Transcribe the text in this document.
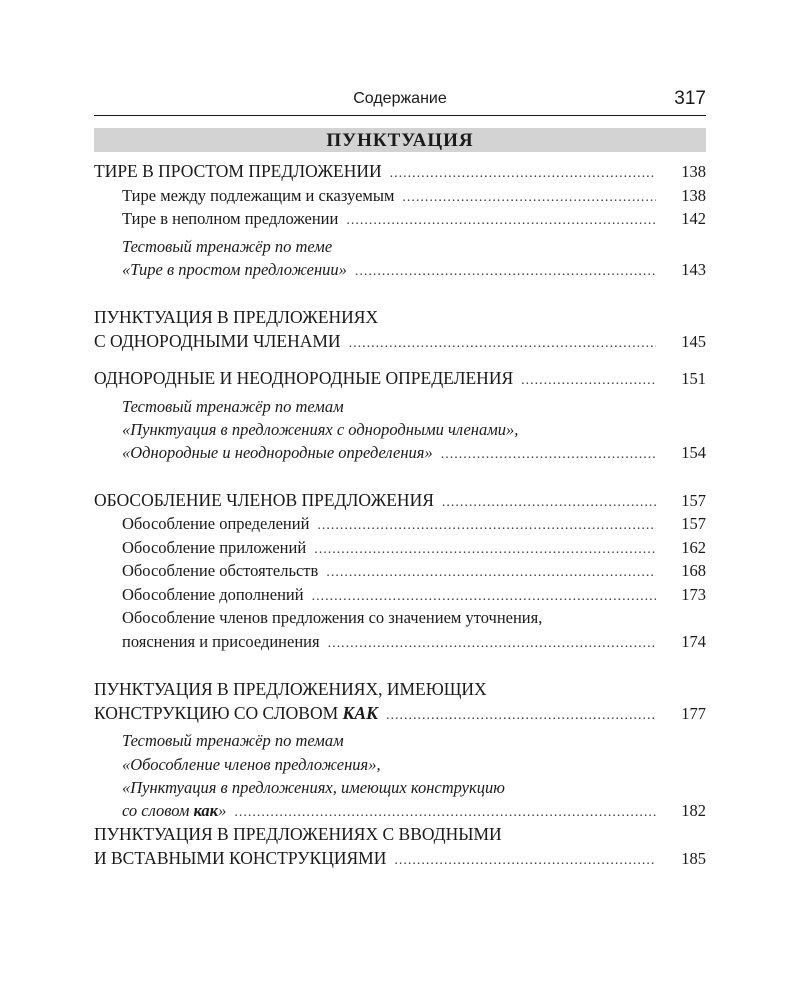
Содержание	317
ПУНКТУАЦИЯ
ТИРЕ В ПРОСТОМ ПРЕДЛОЖЕНИИ .....	138
Тире между подлежащим и сказуемым .....	138
Тире в неполном предложении .....	142
Тестовый тренажёр по теме
«Тире в простом предложении» .....	143
ПУНКТУАЦИЯ В ПРЕДЛОЖЕНИЯХ
С ОДНОРОДНЫМИ ЧЛЕНАМИ .....	145
ОДНОРОДНЫЕ И НЕОДНОРОДНЫЕ ОПРЕДЕЛЕНИЯ .....	151
Тестовый тренажёр по темам
«Пунктуация в предложениях с однородными членами»,
«Однородные и неоднородные определения» .....	154
ОБОСОБЛЕНИЕ ЧЛЕНОВ ПРЕДЛОЖЕНИЯ .....	157
Обособление определений .....	157
Обособление приложений .....	162
Обособление обстоятельств .....	168
Обособление дополнений .....	173
Обособление членов предложения со значением уточнения,
пояснения и присоединения .....	174
ПУНКТУАЦИЯ В ПРЕДЛОЖЕНИЯХ, ИМЕЮЩИХ
КОНСТРУКЦИЮ СО СЛОВОМ КАК .....	177
Тестовый тренажёр по темам
«Обособление членов предложения»,
«Пунктуация в предложениях, имеющих конструкцию
со словом как» .....	182
ПУНКТУАЦИЯ В ПРЕДЛОЖЕНИЯХ С ВВОДНЫМИ
И ВСТАВНЫМИ КОНСТРУКЦИЯМИ .....	185
